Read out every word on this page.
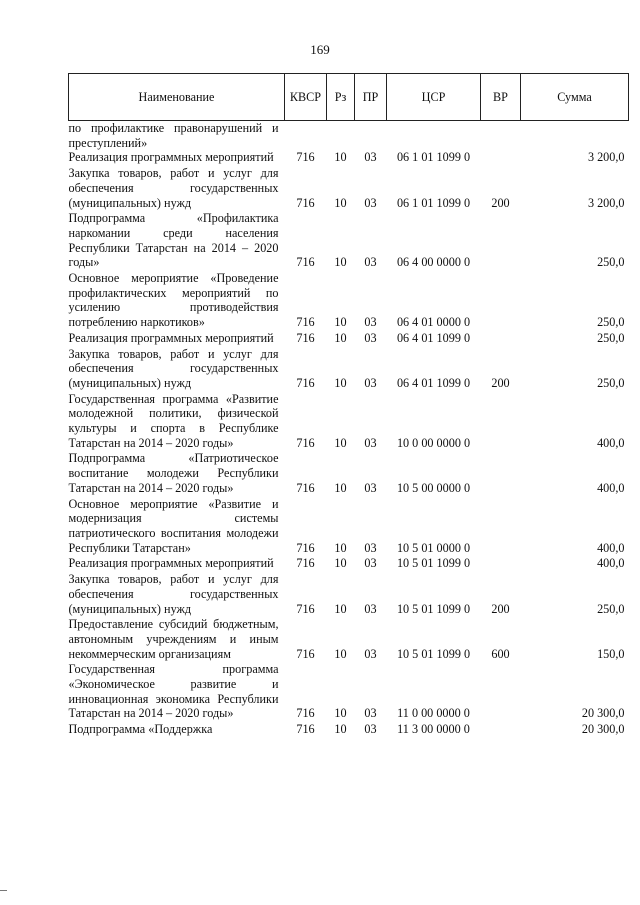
169
Наименование	КВСР	Рз	ПР	ЦСР	ВР	Сумма
по профилактике правонарушений и преступлений»						
Реализация программных мероприятий	716	10	03	06 1 01 1099 0		3 200,0
Закупка товаров, работ и услуг для обеспечения государственных (муниципальных) нужд	716	10	03	06 1 01 1099 0	200	3 200,0
Подпрограмма «Профилактика наркомании среди населения Республики Татарстан на 2014 – 2020 годы»	716	10	03	06 4 00 0000 0		250,0
Основное мероприятие «Проведение профилактических мероприятий по усилению противодействия потреблению наркотиков»	716	10	03	06 4 01 0000 0		250,0
Реализация программных мероприятий	716	10	03	06 4 01 1099 0		250,0
Закупка товаров, работ и услуг для обеспечения государственных (муниципальных) нужд	716	10	03	06 4 01 1099 0	200	250,0
Государственная программа «Развитие молодежной политики, физической культуры и спорта в Республике Татарстан на 2014 – 2020 годы»	716	10	03	10 0 00 0000 0		400,0
Подпрограмма «Патриотическое воспитание молодежи Республики Татарстан на 2014 – 2020 годы»	716	10	03	10 5 00 0000 0		400,0
Основное мероприятие «Развитие и модернизация системы патриотического воспитания молодежи Республики Татарстан»	716	10	03	10 5 01 0000 0		400,0
Реализация программных мероприятий	716	10	03	10 5 01 1099 0		400,0
Закупка товаров, работ и услуг для обеспечения государственных (муниципальных) нужд	716	10	03	10 5 01 1099 0	200	250,0
Предоставление субсидий бюджетным, автономным учреждениям и иным некоммерческим организациям	716	10	03	10 5 01 1099 0	600	150,0
Государственная программа «Экономическое развитие и инновационная экономика Республики Татарстан на 2014 – 2020 годы»	716	10	03	11 0 00 0000 0		20 300,0
Подпрограмма «Поддержка	716	10	03	11 3 00 0000 0		20 300,0
